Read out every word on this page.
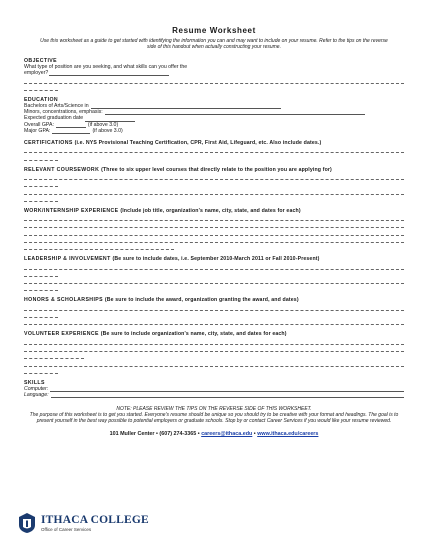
Resume Worksheet
Use this worksheet as a guide to get started with identifying the information you can and may want to include on your resume. Refer to the tips on the reverse side of this handout when actually constructing your resume.
OBJECTIVE
What type of position are you seeking, and what skills can you offer the
employer?
EDUCATION
Bachelors of Arts/Science in
Minors, concentrations, emphasis:
Expected graduation date
Overall GPA:	(if above 3.0)
Major GPA:	(if above 3.0)
CERTIFICATIONS (i.e. NYS Provisional Teaching Certification, CPR, First Aid, Lifeguard, etc. Also include dates.)
RELEVANT COURSEWORK (Three to six upper level courses that directly relate to the position you are applying for)
WORK/INTERNSHIP EXPERIENCE (Include job title, organization's name, city, state, and dates for each)
LEADERSHIP & INVOLVEMENT (Be sure to include dates, i.e. September 2010-March 2011 or Fall 2010-Present)
HONORS & SCHOLARSHIPS (Be sure to include the award, organization granting the award, and dates)
VOLUNTEER EXPERIENCE (Be sure to include organization's name, city, state, and dates for each)
SKILLS
Computer:
Language:
NOTE: PLEASE REVIEW THE TIPS ON THE REVERSE SIDE OF THIS WORKSHEET.
The purpose of this worksheet is to get you started. Everyone's resume should be unique so you should try to be creative with your format and headings. The goal is to present yourself in the best way possible to potential employers or graduate schools. Stop by or contact Career Services if you would like your resume reviewed.
101 Muller Center • (607) 274-3365 • careers@ithaca.edu • www.ithaca.edu/careers
ITHACA COLLEGE
Office of Career Services
